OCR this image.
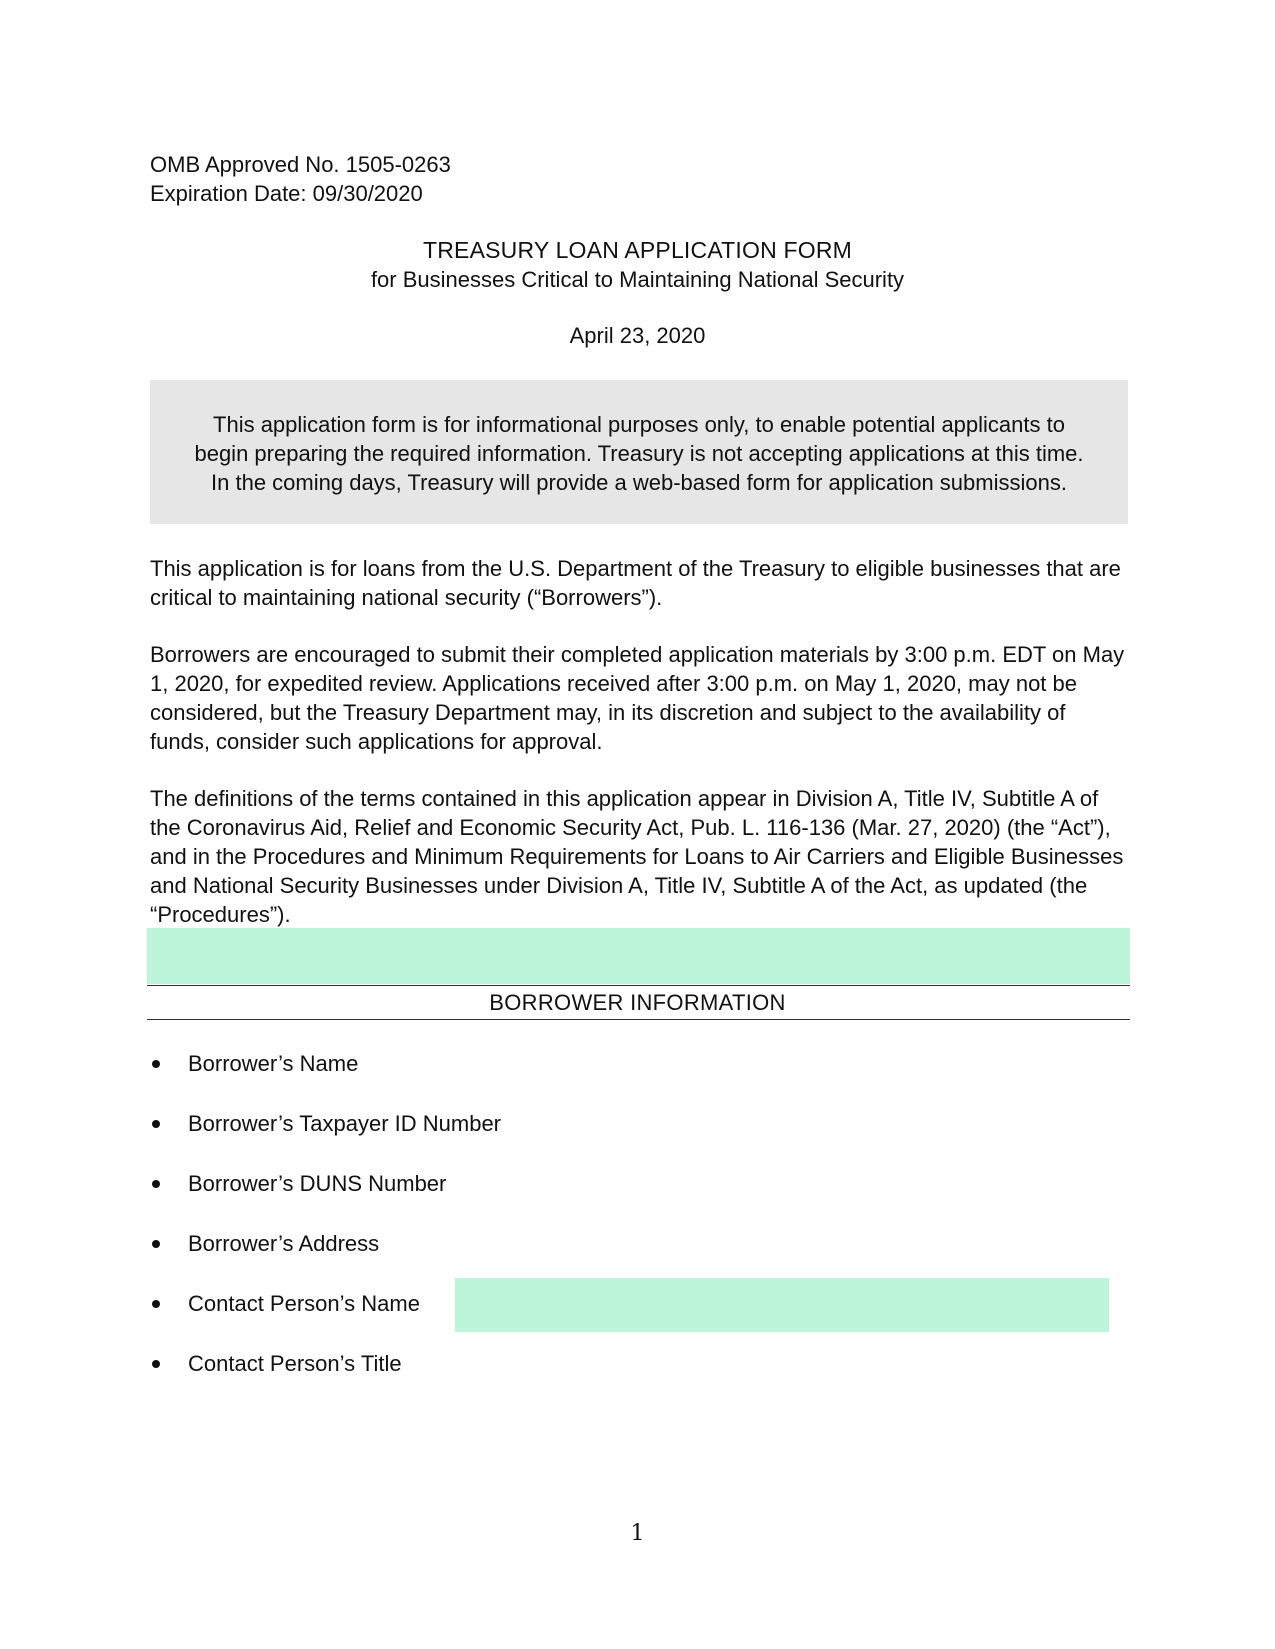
OMB Approved No. 1505-0263
Expiration Date: 09/30/2020
TREASURY LOAN APPLICATION FORM
for Businesses Critical to Maintaining National Security
April 23, 2020
This application form is for informational purposes only, to enable potential applicants to
begin preparing the required information. Treasury is not accepting applications at this time.
In the coming days, Treasury will provide a web-based form for application submissions.
This application is for loans from the U.S. Department of the Treasury to eligible businesses that are critical to maintaining national security (“Borrowers”).
Borrowers are encouraged to submit their completed application materials by 3:00 p.m. EDT on May 1, 2020, for expedited review. Applications received after 3:00 p.m. on May 1, 2020, may not be considered, but the Treasury Department may, in its discretion and subject to the availability of funds, consider such applications for approval.
The definitions of the terms contained in this application appear in Division A, Title IV, Subtitle A of the Coronavirus Aid, Relief and Economic Security Act, Pub. L. 116-136 (Mar. 27, 2020) (the “Act”), and in the Procedures and Minimum Requirements for Loans to Air Carriers and Eligible Businesses and National Security Businesses under Division A, Title IV, Subtitle A of the Act, as updated (the “Procedures”).
BORROWER INFORMATION
Borrower’s Name
Borrower’s Taxpayer ID Number
Borrower’s DUNS Number
Borrower’s Address
Contact Person’s Name
Contact Person’s Title
1
